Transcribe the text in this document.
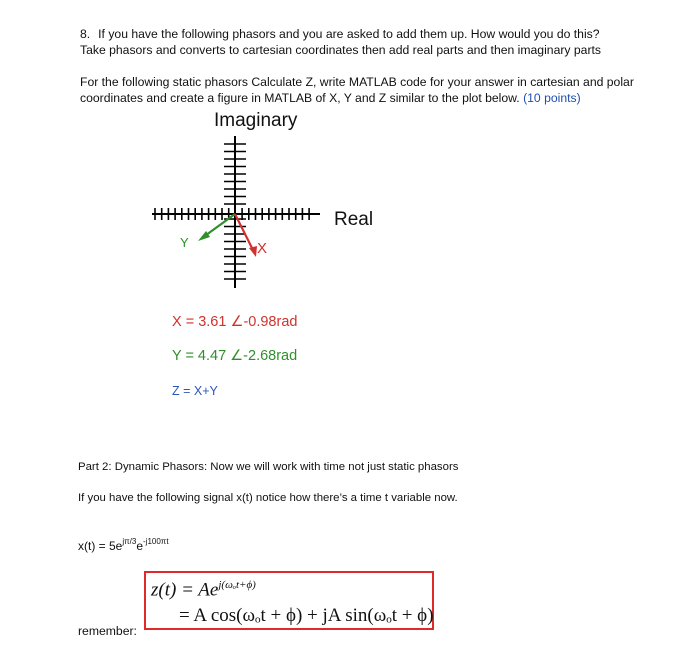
8. If you have the following phasors and you are asked to add them up. How would you do this?
Take phasors and converts to cartesian coordinates then add real parts and then imaginary parts
For the following static phasors Calculate Z, write MATLAB code for your answer in cartesian and polar
coordinates and create a figure in MATLAB of X, Y and Z similar to the plot below. (10 points)
Imaginary
Real
Y	X
X = 3.61 ∠-0.98rad
Y = 4.47 ∠-2.68rad
Z = X+Y
Part 2: Dynamic Phasors: Now we will work with time not just static phasors
If you have the following signal x(t) notice how there’s a time t variable now.
$x(t) = 5e^{j\pi/3}e^{-j100\pi t}$
remember:
$z(t) = Ae^{j(\omega_ot+\phi)}$
= A cos(ωₒt + ϕ) + jA sin(ωₒt + ϕ)
